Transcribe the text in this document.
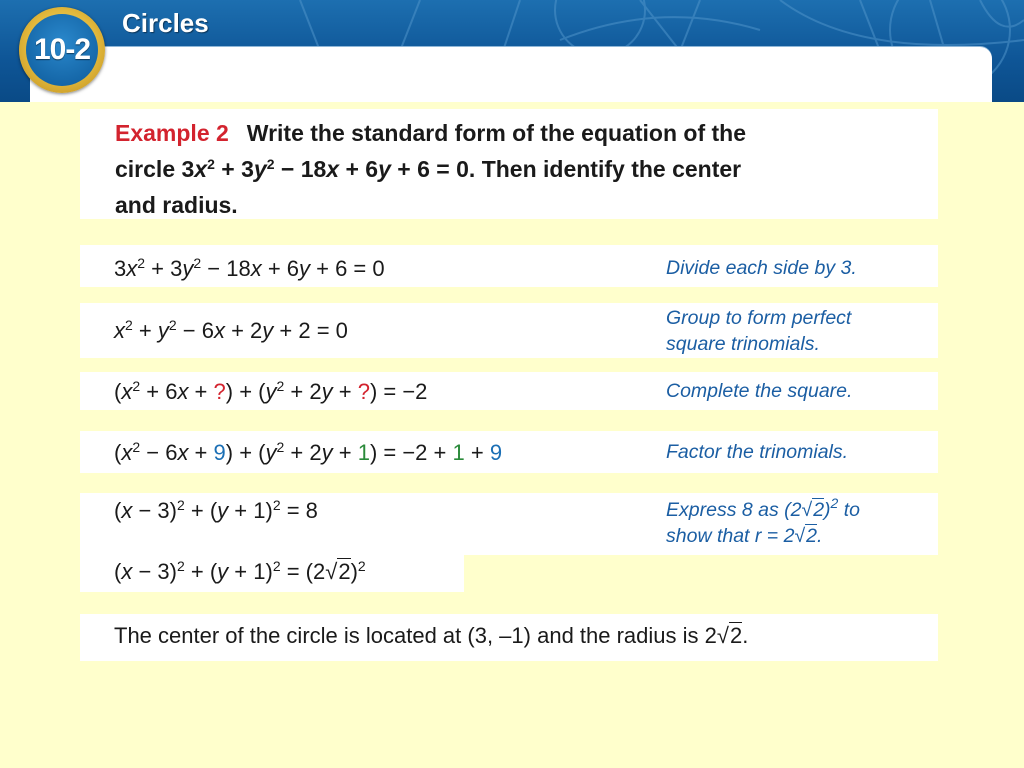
10-2
Circles
Example 2 Write the standard form of the equation of the
circle $3x^2 + 3y^2 - 18x + 6y + 6 = 0$. Then identify the center
and radius.
$3x^2 + 3y^2 - 18x + 6y + 6 = 0$	Divide each side by 3.
$x^2 + y^2 - 6x + 2y + 2 = 0$	Group to form perfect
square trinomials.
($x^2 + 6x$ + ?) + ($y^2 + 2y$ + ?) = −2	Complete the square.
$(x^2 - 6x + 9) + (y^2 + 2y + 1) = -2 + 1 + 9$	Factor the trinomials.
$(x - 3)^2 + (y + 1)^2 = 8$	Express 8 as $(2√2)^2$ to
show that r = 2√2.
$(x - 3)^2 + (y + 1)^2 = (2√2)^2$
The center of the circle is located at (3, –1) and the radius is 2√2.
